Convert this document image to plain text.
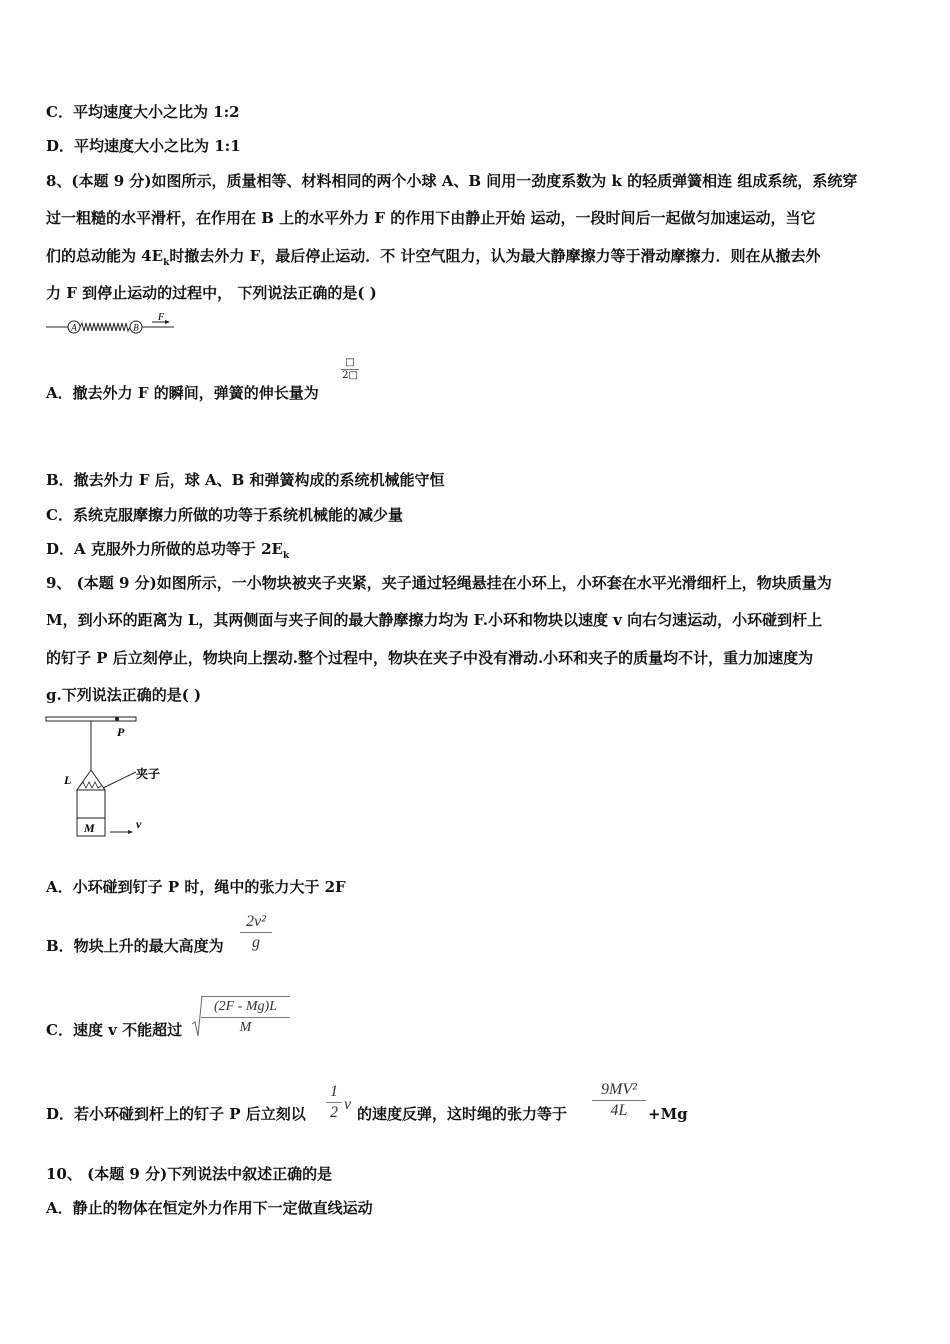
C．平均速度大小之比为 1:2
D．平均速度大小之比为 1:1
8、(本题 9 分)如图所示，质量相等、材料相同的两个小球 A、B 间用一劲度系数为 k 的轻质弹簧相连 组成系统，系统穿
过一粗糙的水平滑杆，在作用在 B 上的水平外力 F 的作用下由静止开始 运动，一段时间后一起做匀加速运动，当它
们的总动能为 $4E_k$时撤去外力 F，最后停止运动．不 计空气阻力，认为最大静摩擦力等于滑动摩擦力．则在从撤去外
力 F 到停止运动的过程中， 下列说法正确的是( )
A	B
F
A．撤去外力 F 的瞬间，弹簧的伸长量为
□
2□
B．撤去外力 F 后，球 A、B 和弹簧构成的系统机械能守恒
C．系统克服摩擦力所做的功等于系统机械能的减少量
D．A 克服外力所做的总功等于 $2E_k$
9、 (本题 9 分)如图所示，一小物块被夹子夹紧，夹子通过轻绳悬挂在小环上，小环套在水平光滑细杆上，物块质量为
M，到小环的距离为 L，其两侧面与夹子间的最大静摩擦力均为 F.小环和物块以速度 v 向右匀速运动，小环碰到杆上
的钉子 P 后立刻停止，物块向上摆动.整个过程中，物块在夹子中没有滑动.小环和夹子的质量均不计，重力加速度为
g.下列说法正确的是( )
P
L	夹子
M	v
A．小环碰到钉子 P 时，绳中的张力大于 2F
B．物块上升的最大高度为
2v²
g
C．速度 v 不能超过
(2F - Mg)L
M
D．若小环碰到杆上的钉子 P 后立刻以
1
2 v
的速度反弹，这时绳的张力等于
9MV²
4L	+Mg
10、 (本题 9 分)下列说法中叙述正确的是
A．静止的物体在恒定外力作用下一定做直线运动
